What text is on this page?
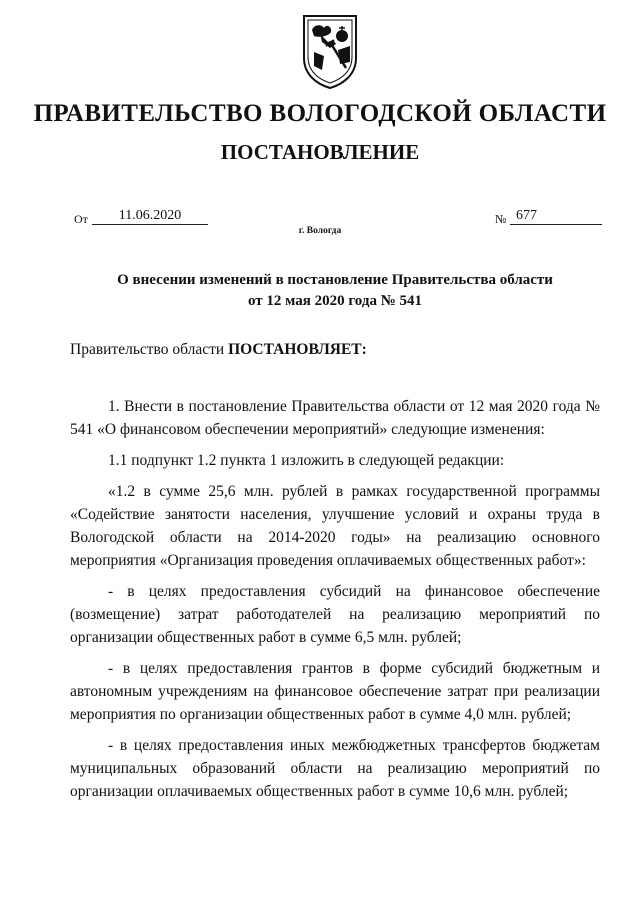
ПРАВИТЕЛЬСТВО ВОЛОГОДСКОЙ ОБЛАСТИ
ПОСТАНОВЛЕНИЕ
От	11.06.2020	№ 677
г. Вологда
О внесении изменений в постановление Правительства области
от 12 мая 2020 года № 541
Правительство области ПОСТАНОВЛЯЕТ:

1. Внести в постановление Правительства области от 12 мая 2020 года № 541 «О финансовом обеспечении мероприятий» следующие изменения:

1.1 подпункт 1.2 пункта 1 изложить в следующей редакции:

«1.2 в сумме 25,6 млн. рублей в рамках государственной программы «Содействие занятости населения, улучшение условий и охраны труда в Вологодской области на 2014-2020 годы» на реализацию основного мероприятия «Организация проведения оплачиваемых общественных работ»:

- в целях предоставления субсидий на финансовое обеспечение (возмещение) затрат работодателей на реализацию мероприятий по организации общественных работ в сумме 6,5 млн. рублей;

- в целях предоставления грантов в форме субсидий бюджетным и автономным учреждениям на финансовое обеспечение затрат при реализации мероприятия по организации общественных работ в сумме 4,0 млн. рублей;

- в целях предоставления иных межбюджетных трансфертов бюджетам муниципальных образований области на реализацию мероприятий по организации оплачиваемых общественных работ в сумме 10,6 млн. рублей;
